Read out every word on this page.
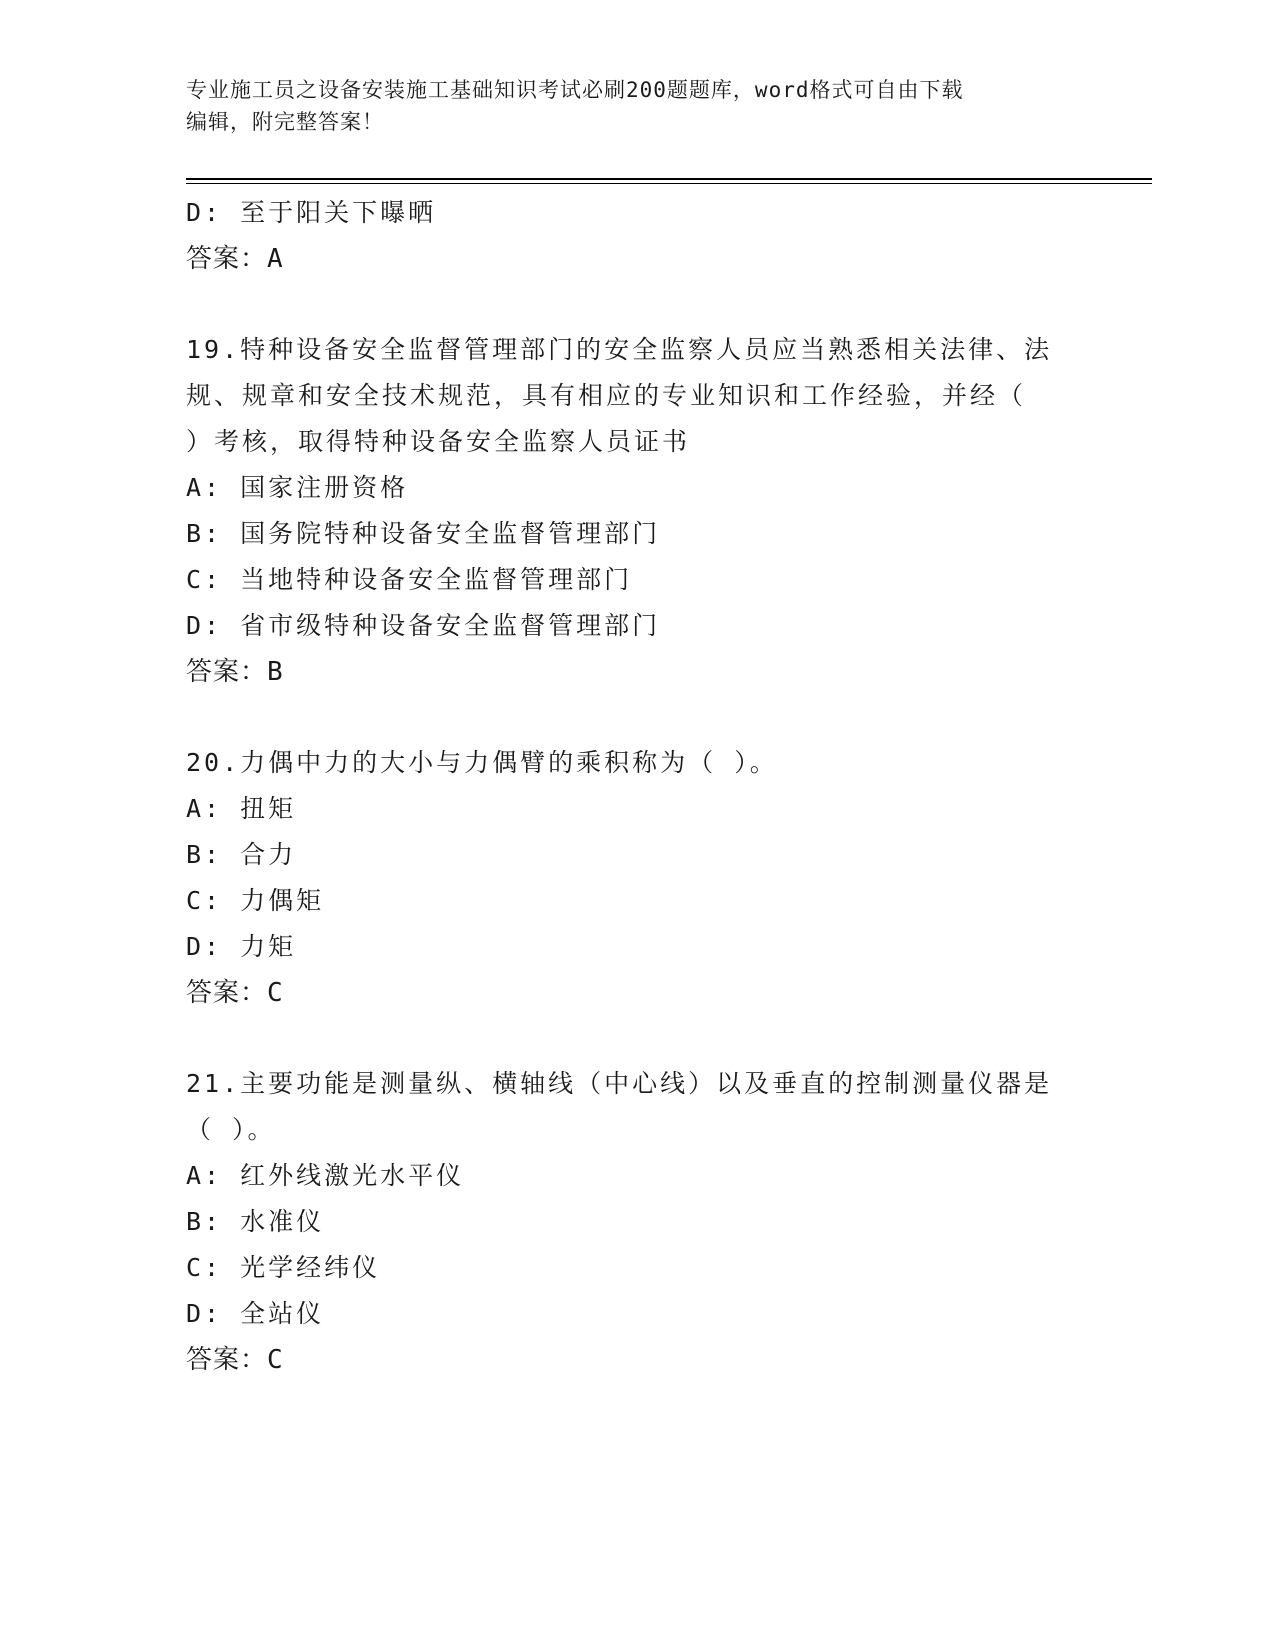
专业施工员之设备安装施工基础知识考试必刷200题题库，word格式可自由下载
编辑，附完整答案！
D: 至于阳关下曝晒
答案：A
19.特种设备安全监督管理部门的安全监察人员应当熟悉相关法律、法
规、规章和安全技术规范，具有相应的专业知识和工作经验，并经（
）考核，取得特种设备安全监察人员证书
A: 国家注册资格
B: 国务院特种设备安全监督管理部门
C: 当地特种设备安全监督管理部门
D: 省市级特种设备安全监督管理部门
答案：B
20.力偶中力的大小与力偶臂的乘积称为（ ）。
A: 扭矩
B: 合力
C: 力偶矩
D: 力矩
答案：C
21.主要功能是测量纵、横轴线（中心线）以及垂直的控制测量仪器是
（ ）。
A: 红外线激光水平仪
B: 水准仪
C: 光学经纬仪
D: 全站仪
答案：C
